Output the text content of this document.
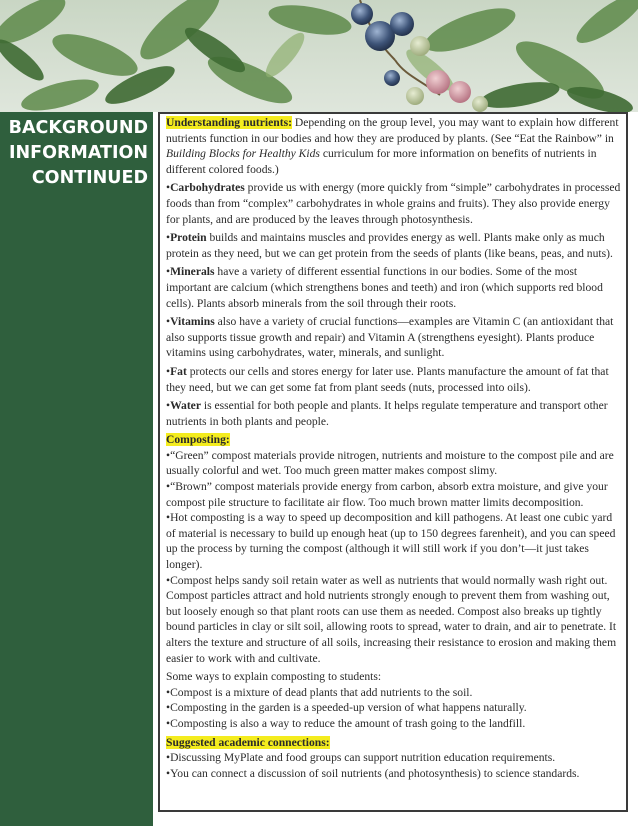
BACKGROUND
INFORMATION
CONTINUED

Understanding nutrients: Depending on the group level, you may want to explain how different nutrients function in our bodies and how they are produced by plants. (See “Eat the Rainbow” in Building Blocks for Healthy Kids curriculum for more information on benefits of nutrients in different colored foods.)

• Carbohydrates provide us with energy (more quickly from “simple” carbohydrates in processed foods than from “complex” carbohydrates in whole grains and fruits). They also provide energy for plants, and are produced by the leaves through photosynthesis.

• Protein builds and maintains muscles and provides energy as well. Plants make only as much protein as they need, but we can get protein from the seeds of plants (like beans, peas, and nuts).

• Minerals have a variety of different essential functions in our bodies. Some of the most important are calcium (which strengthens bones and teeth) and iron (which supports red blood cells). Plants absorb minerals from the soil through their roots.

• Vitamins also have a variety of crucial functions—examples are Vitamin C (an antioxidant that also supports tissue growth and repair) and Vitamin A (strengthens eyesight). Plants produce vitamins using carbohydrates, water, minerals, and sunlight.

• Fat protects our cells and stores energy for later use. Plants manufacture the amount of fat that they need, but we can get some fat from plant seeds (nuts, processed into oils).

• Water is essential for both people and plants. It helps regulate temperature and transport other nutrients in both plants and people.

Composting:

• “Green” compost materials provide nitrogen, nutrients and moisture to the compost pile and are usually colorful and wet. Too much green matter makes compost slimy.

• “Brown” compost materials provide energy from carbon, absorb extra moisture, and give your compost pile structure to facilitate air flow. Too much brown matter limits decomposition.

• Hot composting is a way to speed up decomposition and kill pathogens. At least one cubic yard of material is necessary to build up enough heat (up to 150 degrees farenheit), and you can speed up the process by turning the compost (although it will still work if you don’t—it just takes longer).

• Compost helps sandy soil retain water as well as nutrients that would normally wash right out. Compost particles attract and hold nutrients strongly enough to prevent them from washing out, but loosely enough so that plant roots can use them as needed. Compost also breaks up tightly bound particles in clay or silt soil, allowing roots to spread, water to drain, and air to penetrate. It alters the texture and structure of all soils, increasing their resistance to erosion and making them easier to work with and cultivate.

Some ways to explain composting to students:

• Compost is a mixture of dead plants that add nutrients to the soil.

• Composting in the garden is a speeded-up version of what happens naturally.

• Composting is also a way to reduce the amount of trash going to the landfill.

Suggested academic connections:

• Discussing MyPlate and food groups can support nutrition education requirements.

• You can connect a discussion of soil nutrients (and photosynthesis) to science standards.
